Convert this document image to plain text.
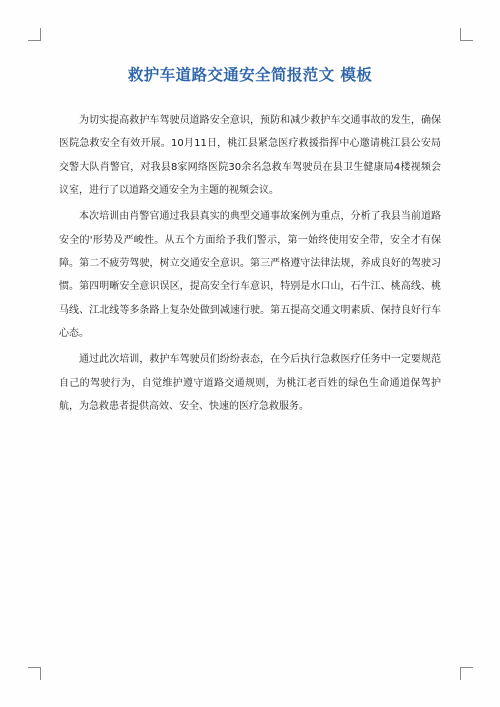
救护车道路交通安全简报范文 模板

为切实提高救护车驾驶员道路安全意识，预防和减少救护车交通事故的发生，确保医院急救安全有效开展。10月11日，桃江县紧急医疗救援指挥中心邀请桃江县公安局交警大队肖警官，对我县8家网络医院30余名急救车驾驶员在县卫生健康局4楼视频会议室，进行了以道路交通安全为主题的视频会议。

本次培训由肖警官通过我县真实的典型交通事故案例为重点，分析了我县当前道路安全的'形势及严峻性。从五个方面给予我们警示，第一始终使用安全带，安全才有保障。第二不疲劳驾驶，树立交通安全意识。第三严格遵守法律法规，养成良好的驾驶习惯。第四明晰安全意识误区，提高安全行车意识，特别是水口山，石牛江、桃高线、桃马线、江北线等多条路上复杂处做到减速行驶。第五提高交通文明素质、保持良好行车心态。

通过此次培训，救护车驾驶员们纷纷表态，在今后执行急救医疗任务中一定要规范自己的驾驶行为，自觉维护遵守道路交通规则，为桃江老百姓的绿色生命通道保驾护航，为急救患者提供高效、安全、快速的医疗急救服务。
